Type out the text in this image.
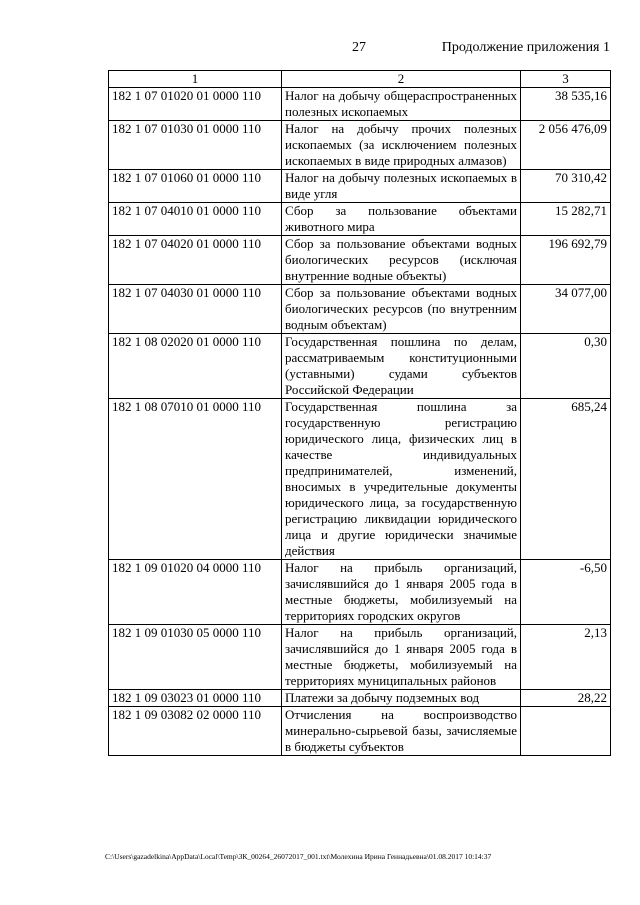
27	Продолжение приложения 1
1	2	3
182 1 07 01020 01 0000 110	Налог на добычу общераспространенных полезных ископаемых	38 535,16
182 1 07 01030 01 0000 110	Налог на добычу прочих полезных ископаемых (за исключением полезных ископаемых в виде природных алмазов)	2 056 476,09
182 1 07 01060 01 0000 110	Налог на добычу полезных ископаемых в виде угля	70 310,42
182 1 07 04010 01 0000 110	Сбор за пользование объектами животного мира	15 282,71
182 1 07 04020 01 0000 110	Сбор за пользование объектами водных биологических ресурсов (исключая внутренние водные объекты)	196 692,79
182 1 07 04030 01 0000 110	Сбор за пользование объектами водных биологических ресурсов (по внутренним водным объектам)	34 077,00
182 1 08 02020 01 0000 110	Государственная пошлина по делам, рассматриваемым конституционными (уставными) судами субъектов Российской Федерации	0,30
182 1 08 07010 01 0000 110	Государственная пошлина за государственную регистрацию юридического лица, физических лиц в качестве индивидуальных предпринимателей, изменений, вносимых в учредительные документы юридического лица, за государственную регистрацию ликвидации юридического лица и другие юридически значимые действия	685,24
182 1 09 01020 04 0000 110	Налог на прибыль организаций, зачислявшийся до 1 января 2005 года в местные бюджеты, мобилизуемый на территориях городских округов	-6,50
182 1 09 01030 05 0000 110	Налог на прибыль организаций, зачислявшийся до 1 января 2005 года в местные бюджеты, мобилизуемый на территориях муниципальных районов	2,13
182 1 09 03023 01 0000 110	Платежи за добычу подземных вод	28,22
182 1 09 03082 02 0000 110	Отчисления на воспроизводство минерально-сырьевой базы, зачисляемые в бюджеты субъектов	
C:\Users\gazadelkina\AppData\Local\Temp\ЗК_00264_26072017_001.txt\Молехина Ирина Геннадьевна\01.08.2017 10:14:37
